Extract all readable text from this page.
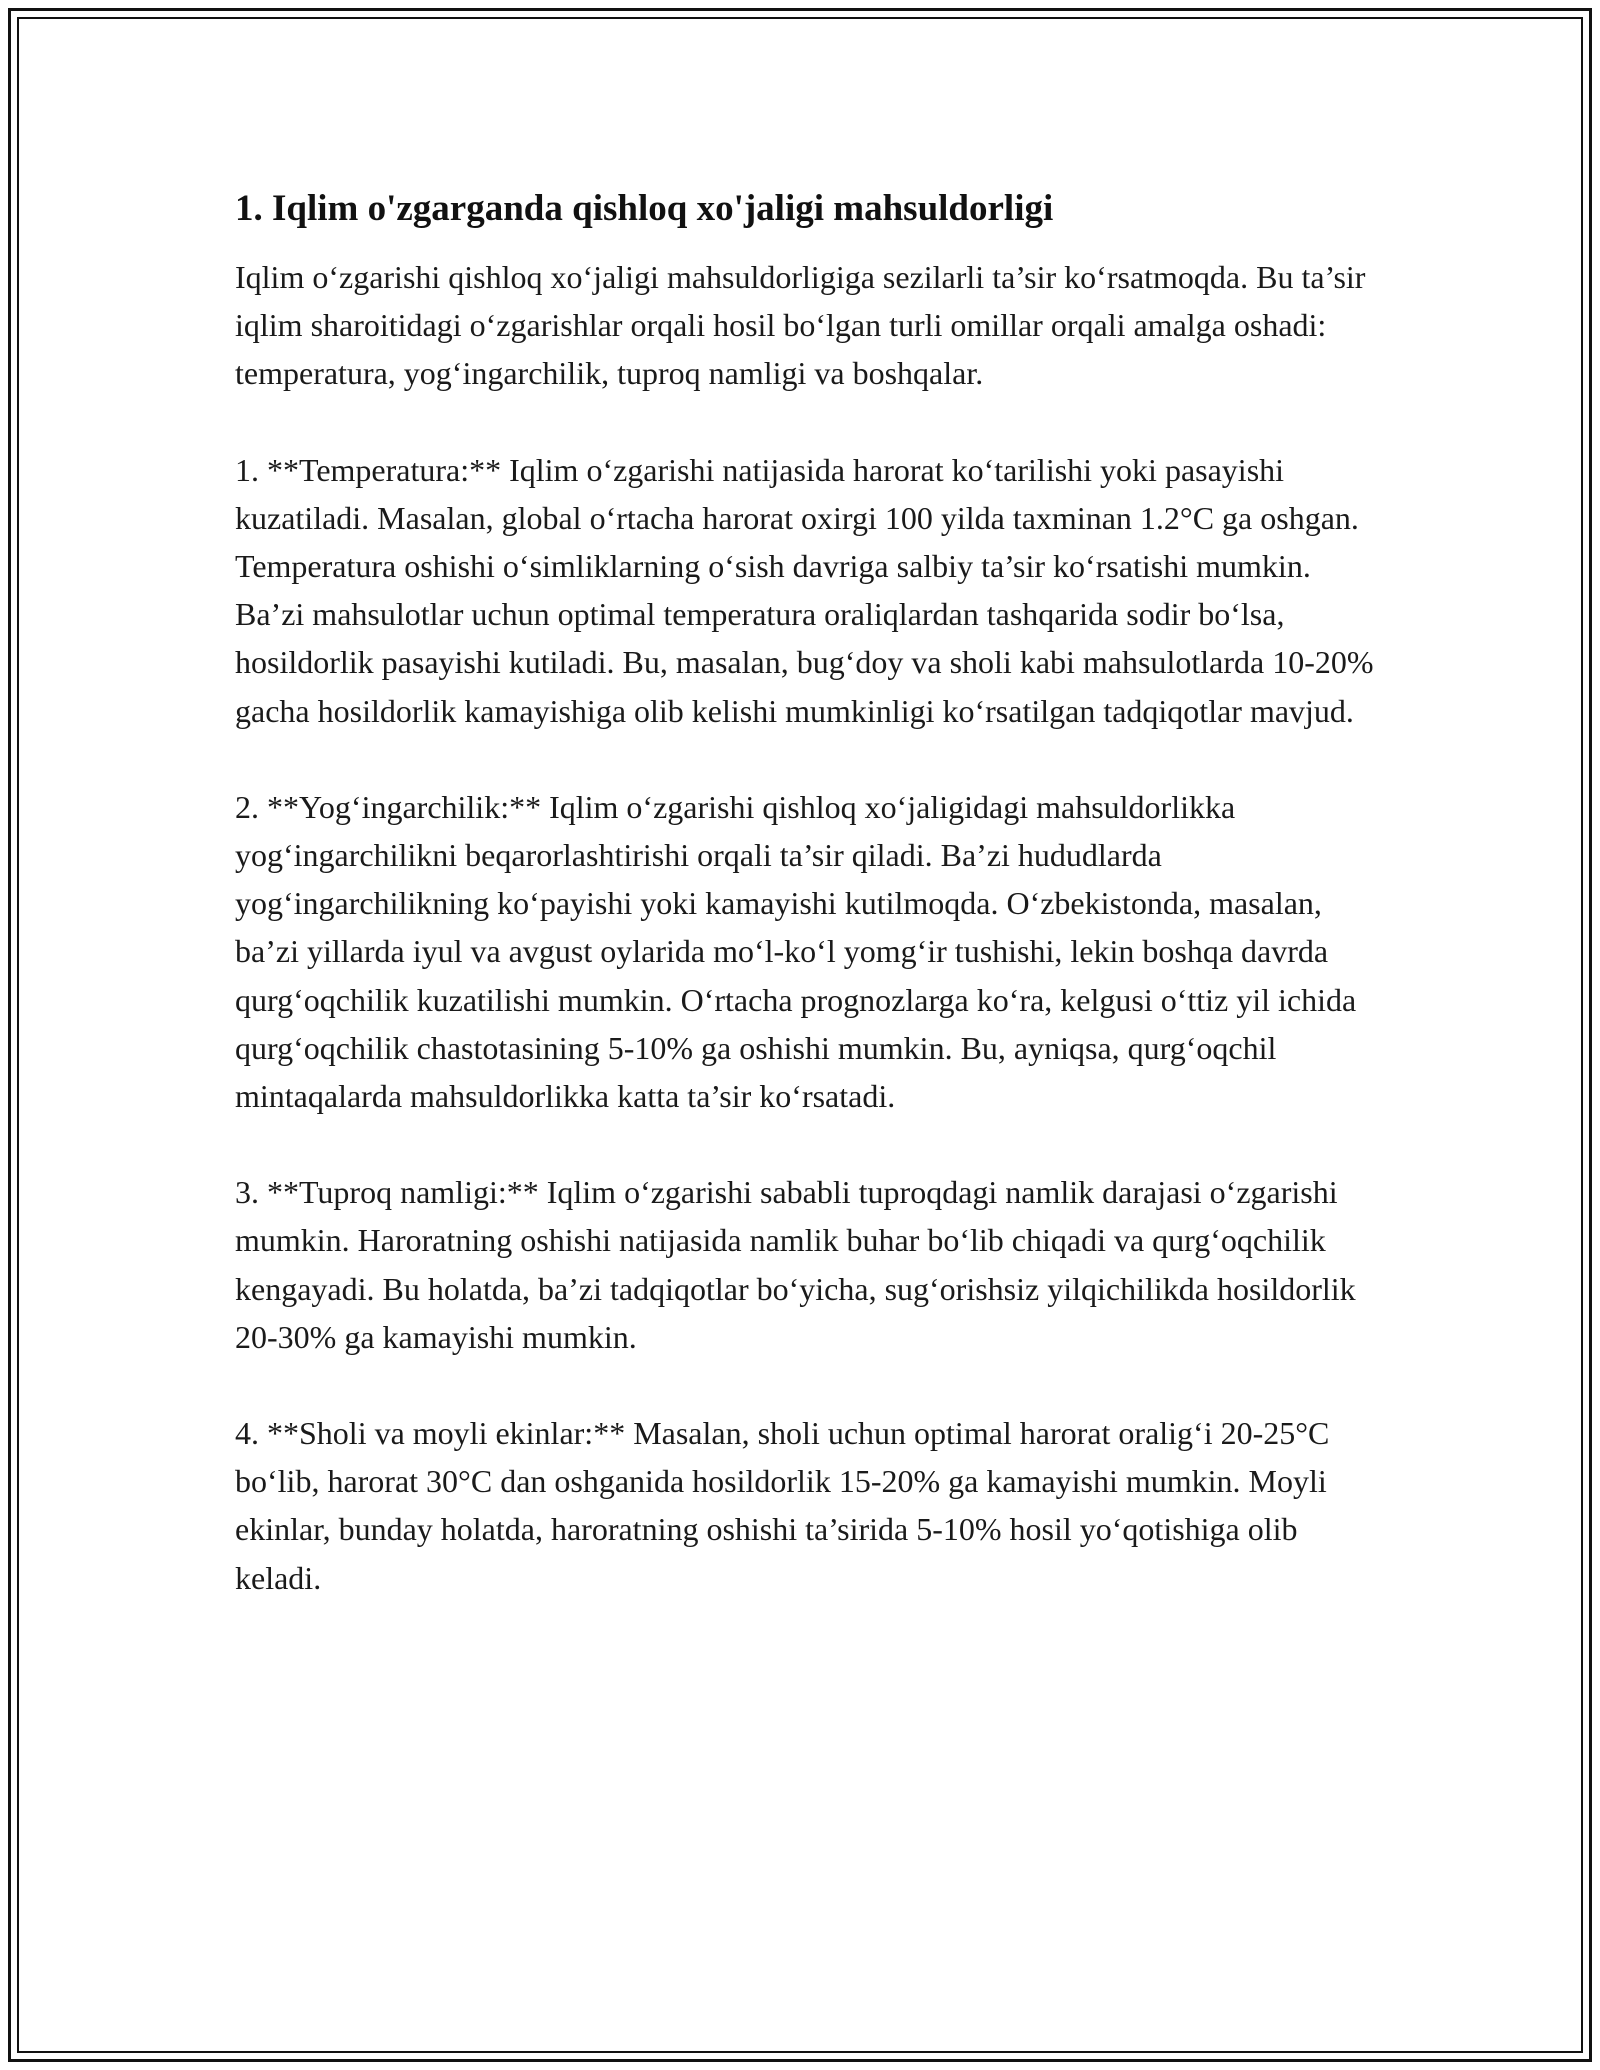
1. Iqlim o'zgarganda qishloq xo'jaligi mahsuldorligi

Iqlim o‘zgarishi qishloq xo‘jaligi mahsuldorligiga sezilarli ta’sir ko‘rsatmoqda. Bu ta’sir iqlim sharoitidagi o‘zgarishlar orqali hosil bo‘lgan turli omillar orqali amalga oshadi: temperatura, yog‘ingarchilik, tuproq namligi va boshqalar.

1. **Temperatura:** Iqlim o‘zgarishi natijasida harorat ko‘tarilishi yoki pasayishi kuzatiladi. Masalan, global o‘rtacha harorat oxirgi 100 yilda taxminan 1.2°C ga oshgan. Temperatura oshishi o‘simliklarning o‘sish davriga salbiy ta’sir ko‘rsatishi mumkin. Ba’zi mahsulotlar uchun optimal temperatura oraliqlardan tashqarida sodir bo‘lsa, hosildorlik pasayishi kutiladi. Bu, masalan, bug‘doy va sholi kabi mahsulotlarda 10-20% gacha hosildorlik kamayishiga olib kelishi mumkinligi ko‘rsatilgan tadqiqotlar mavjud.

2. **Yog‘ingarchilik:** Iqlim o‘zgarishi qishloq xo‘jaligidagi mahsuldorlikka yog‘ingarchilikni beqarorlashtirishi orqali ta’sir qiladi. Ba’zi hududlarda yog‘ingarchilikning ko‘payishi yoki kamayishi kutilmoqda. O‘zbekistonda, masalan, ba’zi yillarda iyul va avgust oylarida mo‘l-ko‘l yomg‘ir tushishi, lekin boshqa davrda qurg‘oqchilik kuzatilishi mumkin. O‘rtacha prognozlarga ko‘ra, kelgusi o‘ttiz yil ichida qurg‘oqchilik chastotasining 5-10% ga oshishi mumkin. Bu, ayniqsa, qurg‘oqchil mintaqalarda mahsuldorlikka katta ta’sir ko‘rsatadi.

3. **Tuproq namligi:** Iqlim o‘zgarishi sababli tuproqdagi namlik darajasi o‘zgarishi mumkin. Haroratning oshishi natijasida namlik buhar bo‘lib chiqadi va qurg‘oqchilik kengayadi. Bu holatda, ba’zi tadqiqotlar bo‘yicha, sug‘orishsiz yilqichilikda hosildorlik 20-30% ga kamayishi mumkin.

4. **Sholi va moyli ekinlar:** Masalan, sholi uchun optimal harorat oralig‘i 20-25°C bo‘lib, harorat 30°C dan oshganida hosildorlik 15-20% ga kamayishi mumkin. Moyli ekinlar, bunday holatda, haroratning oshishi ta’sirida 5-10% hosil yo‘qotishiga olib keladi.
